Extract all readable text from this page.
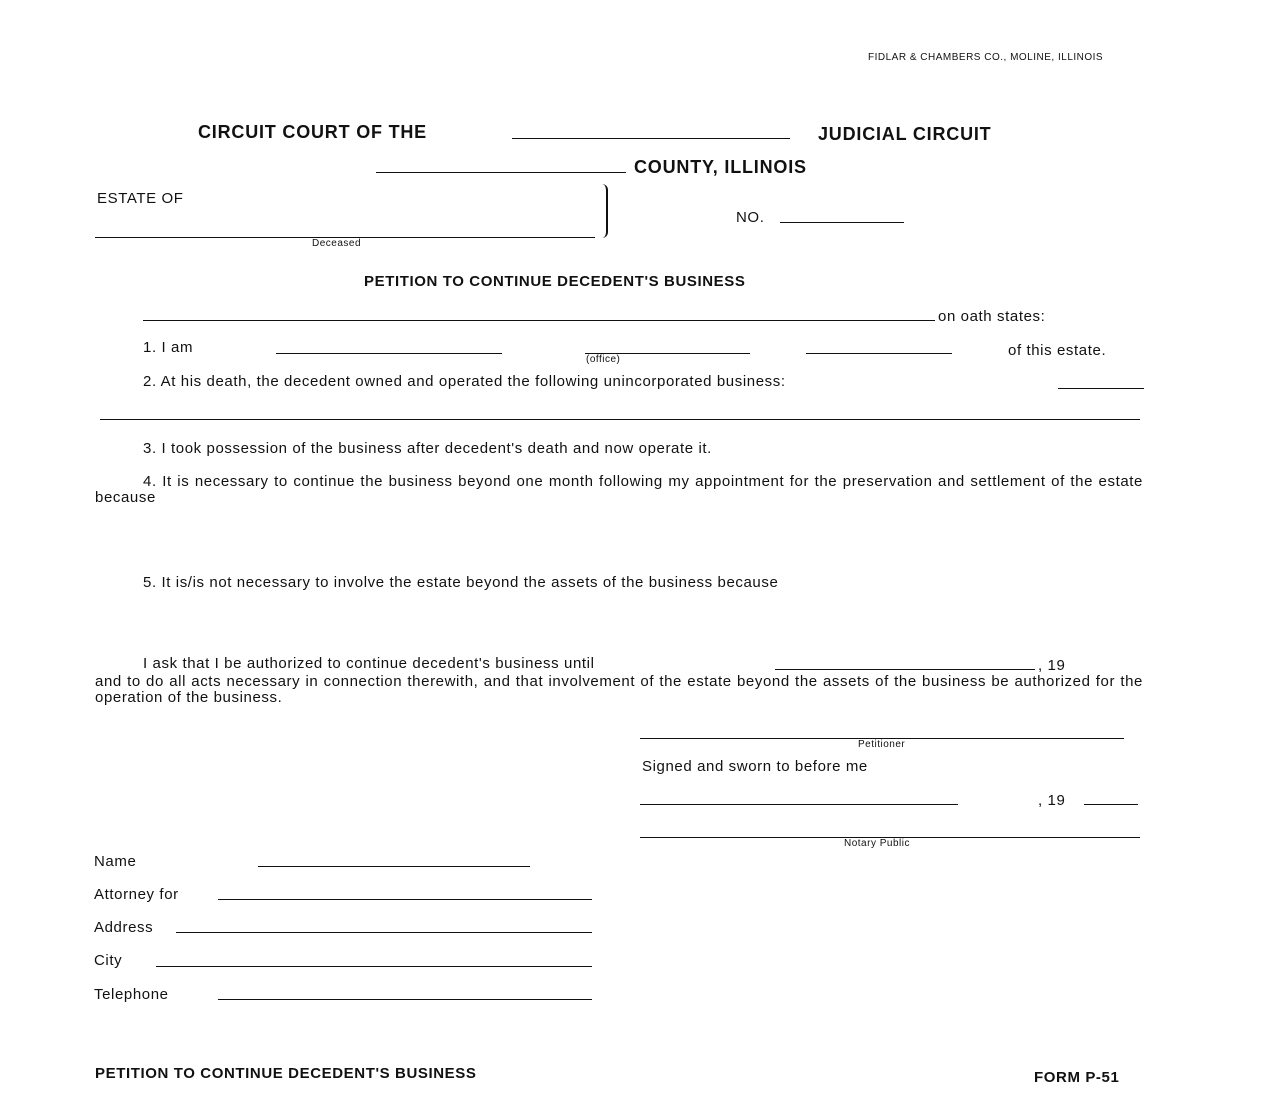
FIDLAR & CHAMBERS CO., MOLINE, ILLINOIS
CIRCUIT COURT OF THE	JUDICIAL CIRCUIT
COUNTY, ILLINOIS
ESTATE OF
Deceased
NO.
PETITION TO CONTINUE DECEDENT'S BUSINESS
on oath states:
1. I am
(office)
of this estate.
2. At his death, the decedent owned and operated the following unincorporated business:
3. I took possession of the business after decedent's death and now operate it.
4. It is necessary to continue the business beyond one month following my appointment for the preservation and settlement of the estate because
5. It is/is not necessary to involve the estate beyond the assets of the business because
I ask that I be authorized to continue decedent's business until	, 19
and to do all acts necessary in connection therewith, and that involvement of the estate beyond the assets of the business be authorized for the operation of the business.
Petitioner
Signed and sworn to before me
, 19
Notary Public
Name
Attorney for
Address
City
Telephone
PETITION TO CONTINUE DECEDENT'S BUSINESS	FORM P-51
